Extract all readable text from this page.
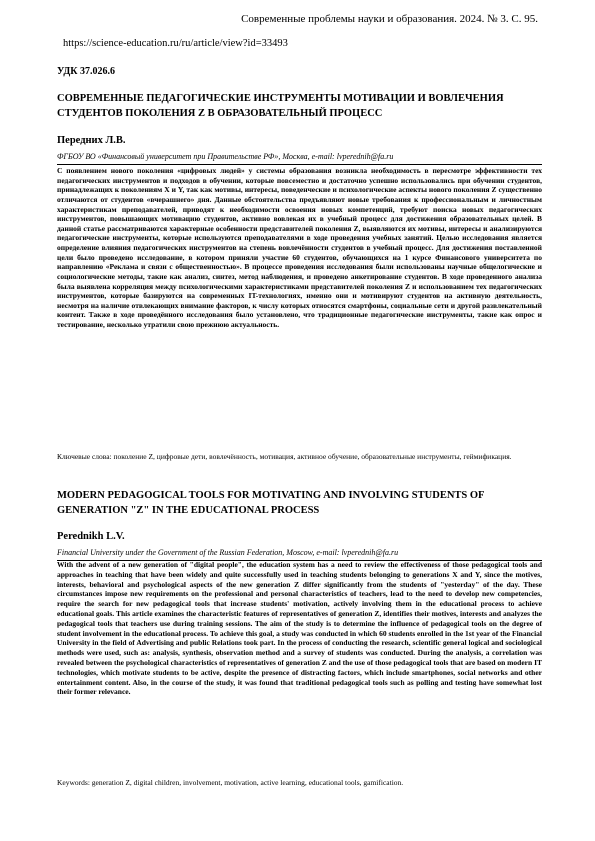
Современные проблемы науки и образования. 2024. № 3. С. 95.
https://science-education.ru/ru/article/view?id=33493
УДК 37.026.6

СОВРЕМЕННЫЕ ПЕДАГОГИЧЕСКИЕ ИНСТРУМЕНТЫ МОТИВАЦИИ И ВОВЛЕЧЕНИЯ СТУДЕНТОВ ПОКОЛЕНИЯ Z В ОБРАЗОВАТЕЛЬНЫЙ ПРОЦЕСС

Передних Л.В.
ФГБОУ ВО «Финансовый университет при Правительстве РФ», Москва, e-mail: lvperednih@fa.ru

С появлением нового поколения «цифровых людей» у системы образования возникла необходимость в пересмотре эффективности тех педагогических инструментов и подходов в обучении, которые повсеместно и достаточно успешно использовались при обучении студентов, принадлежащих к поколениям X и Y, так как мотивы, интересы, поведенческие и психологические аспекты нового поколения Z существенно отличаются от студентов «вчерашнего» дня. Данные обстоятельства предъявляют новые требования к профессиональным и личностным характеристикам преподавателей, приводят к необходимости освоения новых компетенций, требуют поиска новых педагогических инструментов, повышающих мотивацию студентов, активно вовлекая их в учебный процесс для достижения образовательных целей. В данной статье рассматриваются характерные особенности представителей поколения Z, выявляются их мотивы, интересы и анализируются педагогические инструменты, которые используются преподавателями в ходе проведения учебных занятий. Целью исследования является определение влияния педагогических инструментов на степень вовлечённости студентов в учебный процесс. Для достижения поставленной цели было проведено исследование, в котором приняли участие 60 студентов, обучающихся на 1 курсе Финансового университета по направлению «Реклама и связи с общественностью». В процессе проведения исследования были использованы научные общелогические и социологические методы, такие как анализ, синтез, метод наблюдения, и проведено анкетирование студентов. В ходе проведенного анализа была выявлена корреляция между психологическими характеристиками представителей поколения Z и использованием тех педагогических инструментов, которые базируются на современных IT-технологиях, именно они и мотивируют студентов на активную деятельность, несмотря на наличие отвлекающих внимание факторов, к числу которых относятся смартфоны, социальные сети и другой развлекательный контент. Также в ходе проведённого исследования было установлено, что традиционные педагогические инструменты, такие как опрос и тестирование, несколько утратили свою прежнюю актуальность.

Ключевые слова: поколение Z, цифровые дети, вовлечённость, мотивация, активное обучение, образовательные инструменты, геймификация.

MODERN PEDAGOGICAL TOOLS FOR MOTIVATING AND INVOLVING STUDENTS OF GENERATION "Z" IN THE EDUCATIONAL PROCESS

Perednikh L.V.
Financial University under the Government of the Russian Federation, Moscow, e-mail: lvperednih@fa.ru

With the advent of a new generation of "digital people", the education system has a need to review the effectiveness of those pedagogical tools and approaches in teaching that have been widely and quite successfully used in teaching students belonging to generations X and Y, since the motives, interests, behavioral and psychological aspects of the new generation Z differ significantly from the students of "yesterday" of the day. These circumstances impose new requirements on the professional and personal characteristics of teachers, lead to the need to develop new competencies, require the search for new pedagogical tools that increase students' motivation, actively involving them in the educational process to achieve educational goals. This article examines the characteristic features of representatives of generation Z, identifies their motives, interests and analyzes the pedagogical tools that teachers use during training sessions. The aim of the study is to determine the influence of pedagogical tools on the degree of student involvement in the educational process. To achieve this goal, a study was conducted in which 60 students enrolled in the 1st year of the Financial University in the field of Advertising and public Relations took part. In the process of conducting the research, scientific general logical and sociological methods were used, such as: analysis, synthesis, observation method and a survey of students was conducted. During the analysis, a correlation was revealed between the psychological characteristics of representatives of generation Z and the use of those pedagogical tools that are based on modern IT technologies, which motivate students to be active, despite the presence of distracting factors, which include smartphones, social networks and other entertainment content. Also, in the course of the study, it was found that traditional pedagogical tools such as polling and testing have somewhat lost their former relevance.

Keywords: generation Z, digital children, involvement, motivation, active learning, educational tools, gamification.
